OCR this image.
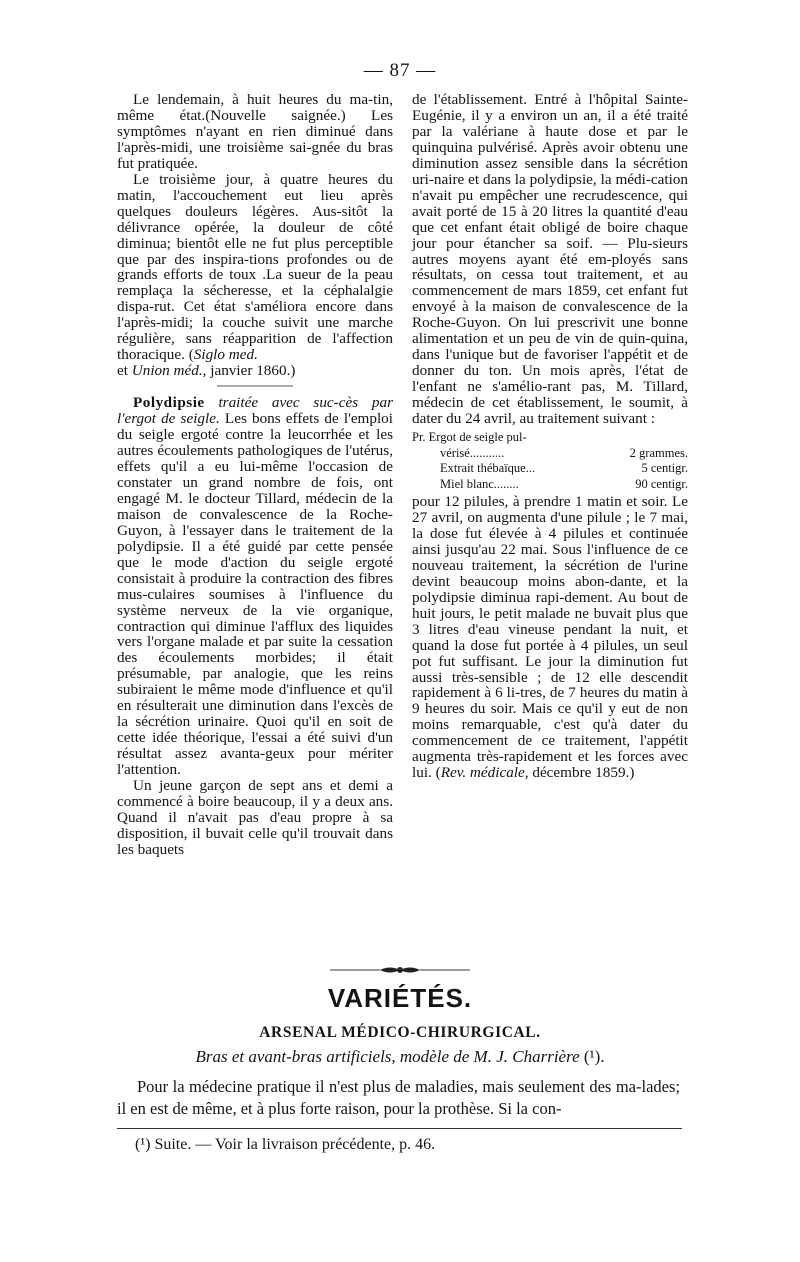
— 87 —

Le lendemain, à huit heures du ma-tin, même état.(Nouvelle saignée.) Les symptômes n'ayant en rien diminué dans l'après-midi, une troisième sai-gnée du bras fut pratiquée.

Le troisième jour, à quatre heures du matin, l'accouchement eut lieu après quelques douleurs légères. Aus-sitôt la délivrance opérée, la douleur de côté diminua; bientôt elle ne fut plus perceptible que par des inspira-tions profondes ou de grands efforts de toux .La sueur de la peau remplaça la sécheresse, et la céphalalgie dispa-rut. Cet état s'améliora encore dans l'après-midi; la couche suivit une marche régulière, sans réapparition de l'affection thoracique. (Siglo med.
et Union méd., janvier 1860.)

Polydipsie traitée avec suc-cès par l'ergot de seigle. Les bons effets de l'emploi du seigle ergoté contre la leucorrhée et les autres écoulements pathologiques de l'utérus, effets qu'il a eu lui-même l'occasion de constater un grand nombre de fois, ont engagé M. le docteur Tillard, médecin de la maison de convalescence de la Roche-Guyon, à l'essayer dans le traitement de la polydipsie. Il a été guidé par cette pensée que le mode d'action du seigle ergoté consistait à produire la contraction des fibres mus-culaires soumises à l'influence du système nerveux de la vie organique, contraction qui diminue l'afflux des liquides vers l'organe malade et par suite la cessation des écoulements morbides; il était présumable, par analogie, que les reins subiraient le même mode d'influence et qu'il en résulterait une diminution dans l'excès de la sécrétion urinaire. Quoi qu'il en soit de cette idée théorique, l'essai a été suivi d'un résultat assez avanta-geux pour mériter l'attention.

Un jeune garçon de sept ans et demi a commencé à boire beaucoup, il y a deux ans. Quand il n'avait pas d'eau propre à sa disposition, il buvait celle qu'il trouvait dans les baquets

de l'établissement. Entré à l'hôpital Sainte-Eugénie, il y a environ un an, il a été traité par la valériane à haute dose et par le quinquina pulvérisé. Après avoir obtenu une diminution assez sensible dans la sécrétion uri-naire et dans la polydipsie, la médi-cation n'avait pu empêcher une recrudescence, qui avait porté de 15 à 20 litres la quantité d'eau que cet enfant était obligé de boire chaque jour pour étancher sa soif. — Plu-sieurs autres moyens ayant été em-ployés sans résultats, on cessa tout traitement, et au commencement de mars 1859, cet enfant fut envoyé à la maison de convalescence de la Roche-Guyon. On lui prescrivit une bonne alimentation et un peu de vin de quin-quina, dans l'unique but de favoriser l'appétit et de donner du ton. Un mois après, l'état de l'enfant ne s'amélio-rant pas, M. Tillard, médecin de cet établissement, le soumit, à dater du 24 avril, au traitement suivant :

Pr. Ergot de seigle pul-
vérisé...........	2 grammes.
Extrait thébaïque...	5 centigr.
Miel blanc........	90 centigr.

pour 12 pilules, à prendre 1 matin et soir. Le 27 avril, on augmenta d'une pilule ; le 7 mai, la dose fut élevée à 4 pilules et continuée ainsi jusqu'au 22 mai. Sous l'influence de ce nouveau traitement, la sécrétion de l'urine devint beaucoup moins abon-dante, et la polydipsie diminua rapi-dement. Au bout de huit jours, le petit malade ne buvait plus que 3 litres d'eau vineuse pendant la nuit, et quand la dose fut portée à 4 pilules, un seul pot fut suffisant. Le jour la diminution fut aussi très-sensible ; de 12 elle descendit rapidement à 6 li-tres, de 7 heures du matin à 9 heures du soir. Mais ce qu'il y eut de non moins remarquable, c'est qu'à dater du commencement de ce traitement, l'appétit augmenta très-rapidement et les forces avec lui. (Rev. médicale, décembre 1859.)

VARIÉTÉS.
ARSENAL MÉDICO-CHIRURGICAL.
Bras et avant-bras artificiels, modèle de M. J. Charrière (¹).
Pour la médecine pratique il n'est plus de maladies, mais seulement des ma-lades; il en est de même, et à plus forte raison, pour la prothèse. Si la con-
(¹) Suite. — Voir la livraison précédente, p. 46.
